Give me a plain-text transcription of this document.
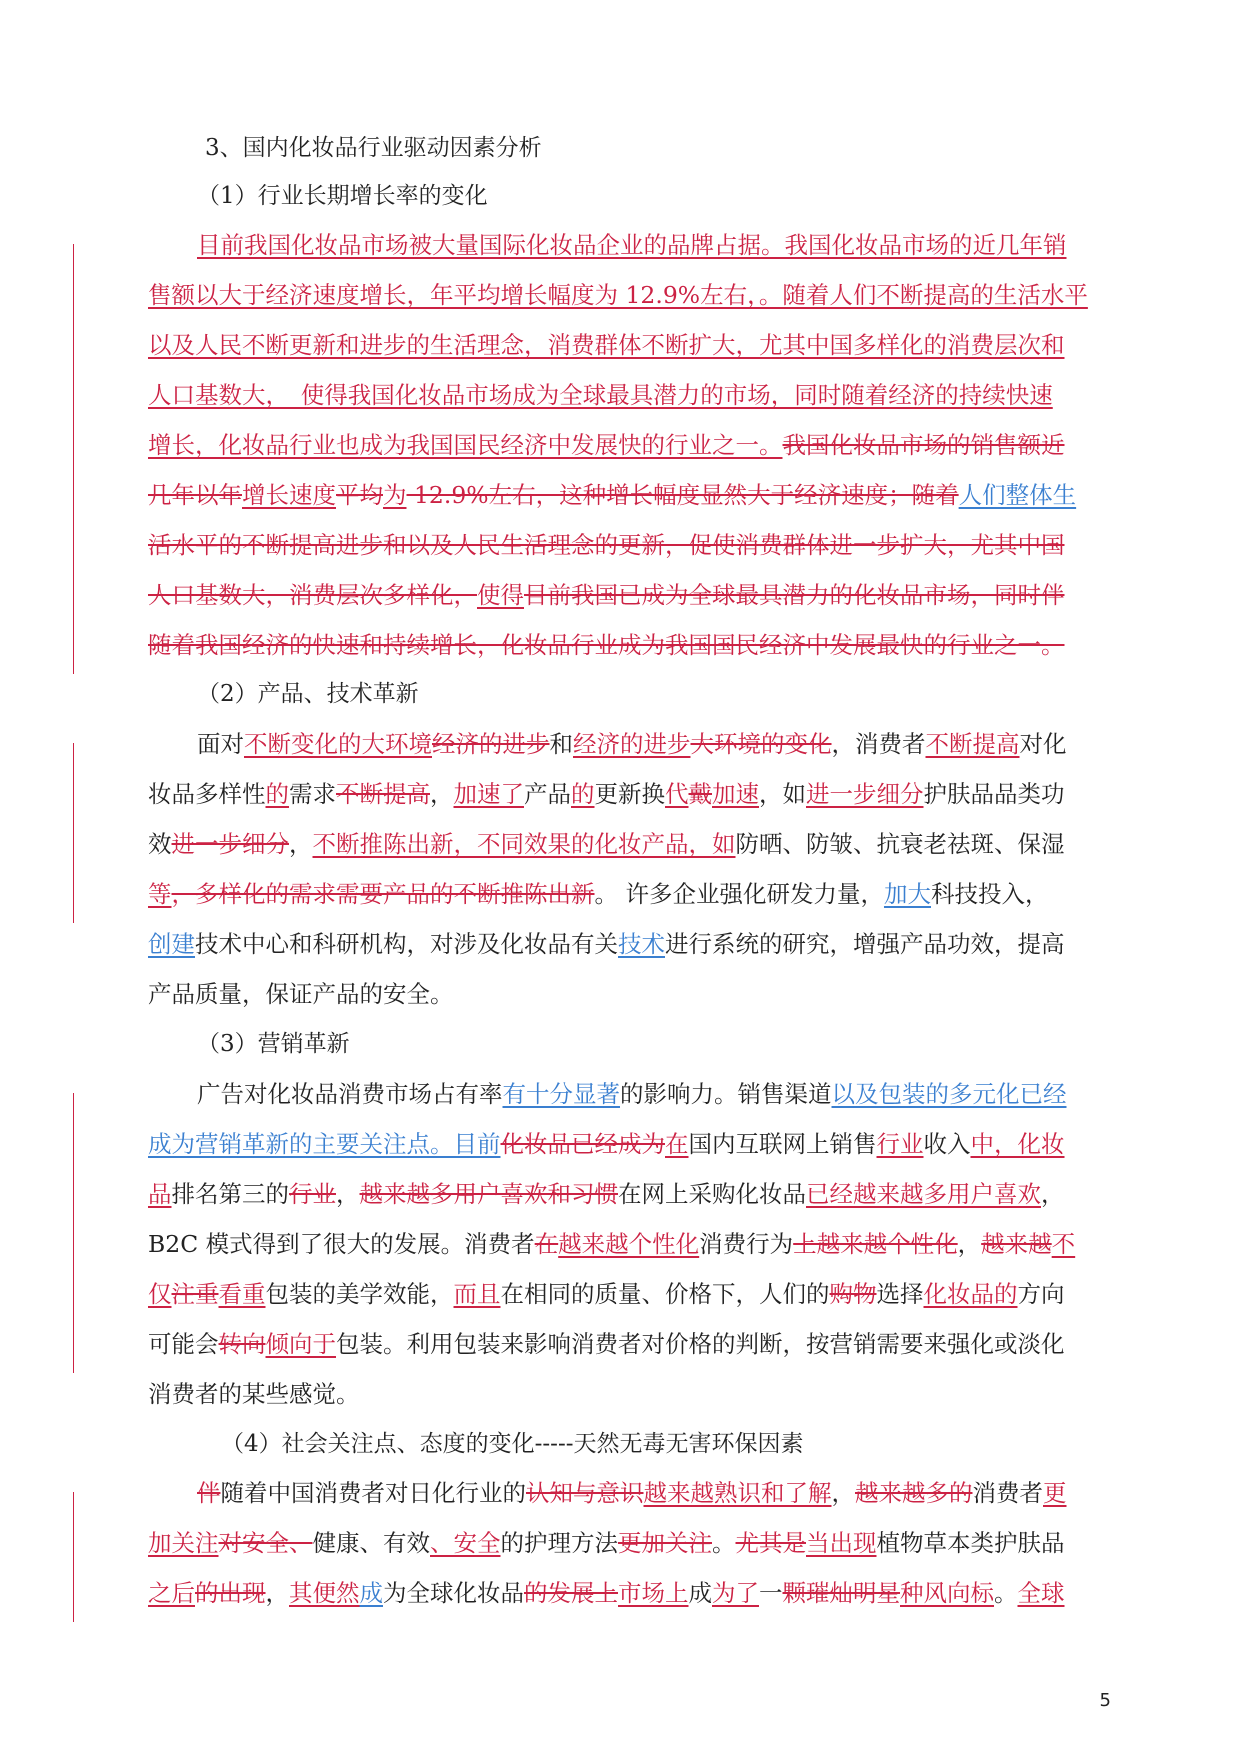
5
3、国内化妆品行业驱动因素分析
（1）行业长期增长率的变化
目前我国化妆品市场被大量国际化妆品企业的品牌占据。我国化妆品市场的近几年销
售额以大于经济速度增长，年平均增长幅度为 12.9%左右，。随着人们不断提高的生活水平
以及人民不断更新和进步的生活理念，消费群体不断扩大，尤其中国多样化的消费层次和
人口基数大，　使得我国化妆品市场成为全球最具潜力的市场，同时随着经济的持续快速
增长，化妆品行业也成为我国国民经济中发展快的行业之一。我国化妆品市场的销售额近
几年以年增长速度平均为 12.9%左右，这种增长幅度显然大于经济速度；随着人们整体生
活水平的不断提高进步和以及人民生活理念的更新，促使消费群体进一步扩大，尤其中国
人口基数大，消费层次多样化，使得目前我国已成为全球最具潜力的化妆品市场，同时伴
随着我国经济的快速和持续增长，化妆品行业成为我国国民经济中发展最快的行业之一。
（2）产品、技术革新
面对不断变化的大环境经济的进步和经济的进步大环境的变化，消费者不断提高对化
妆品多样性的需求不断提高，加速了产品的更新换代戴加速，如进一步细分护肤品品类功
效进一步细分，不断推陈出新，不同效果的化妆产品，如防晒、防皱、抗衰老祛斑、保湿
等，多样化的需求需要产品的不断推陈出新。 许多企业强化研发力量，加大科技投入，
创建技术中心和科研机构，对涉及化妆品有关技术进行系统的研究，增强产品功效，提高
产品质量，保证产品的安全。
（3）营销革新
广告对化妆品消费市场占有率有十分显著的影响力。销售渠道以及包装的多元化已经
成为营销革新的主要关注点。目前化妆品已经成为在国内互联网上销售行业收入中，化妆
品排名第三的行业，越来越多用户喜欢和习惯在网上采购化妆品已经越来越多用户喜欢，
B2C 模式得到了很大的发展。消费者在越来越个性化消费行为上越来越个性化，越来越不
仅注重看重包装的美学效能，而且在相同的质量、价格下，人们的购物选择化妆品的方向
可能会转向倾向于包装。利用包装来影响消费者对价格的判断，按营销需要来强化或淡化
消费者的某些感觉。
（4）社会关注点、态度的变化-----天然无毒无害环保因素
伴随着中国消费者对日化行业的认知与意识越来越熟识和了解，越来越多的消费者更
加关注对安全、健康、有效、安全的护理方法更加关注。尤其是当出现植物草本类护肤品
之后的出现，其便然成为全球化妆品的发展上市场上成为了一颗璀灿明星种风向标。全球
